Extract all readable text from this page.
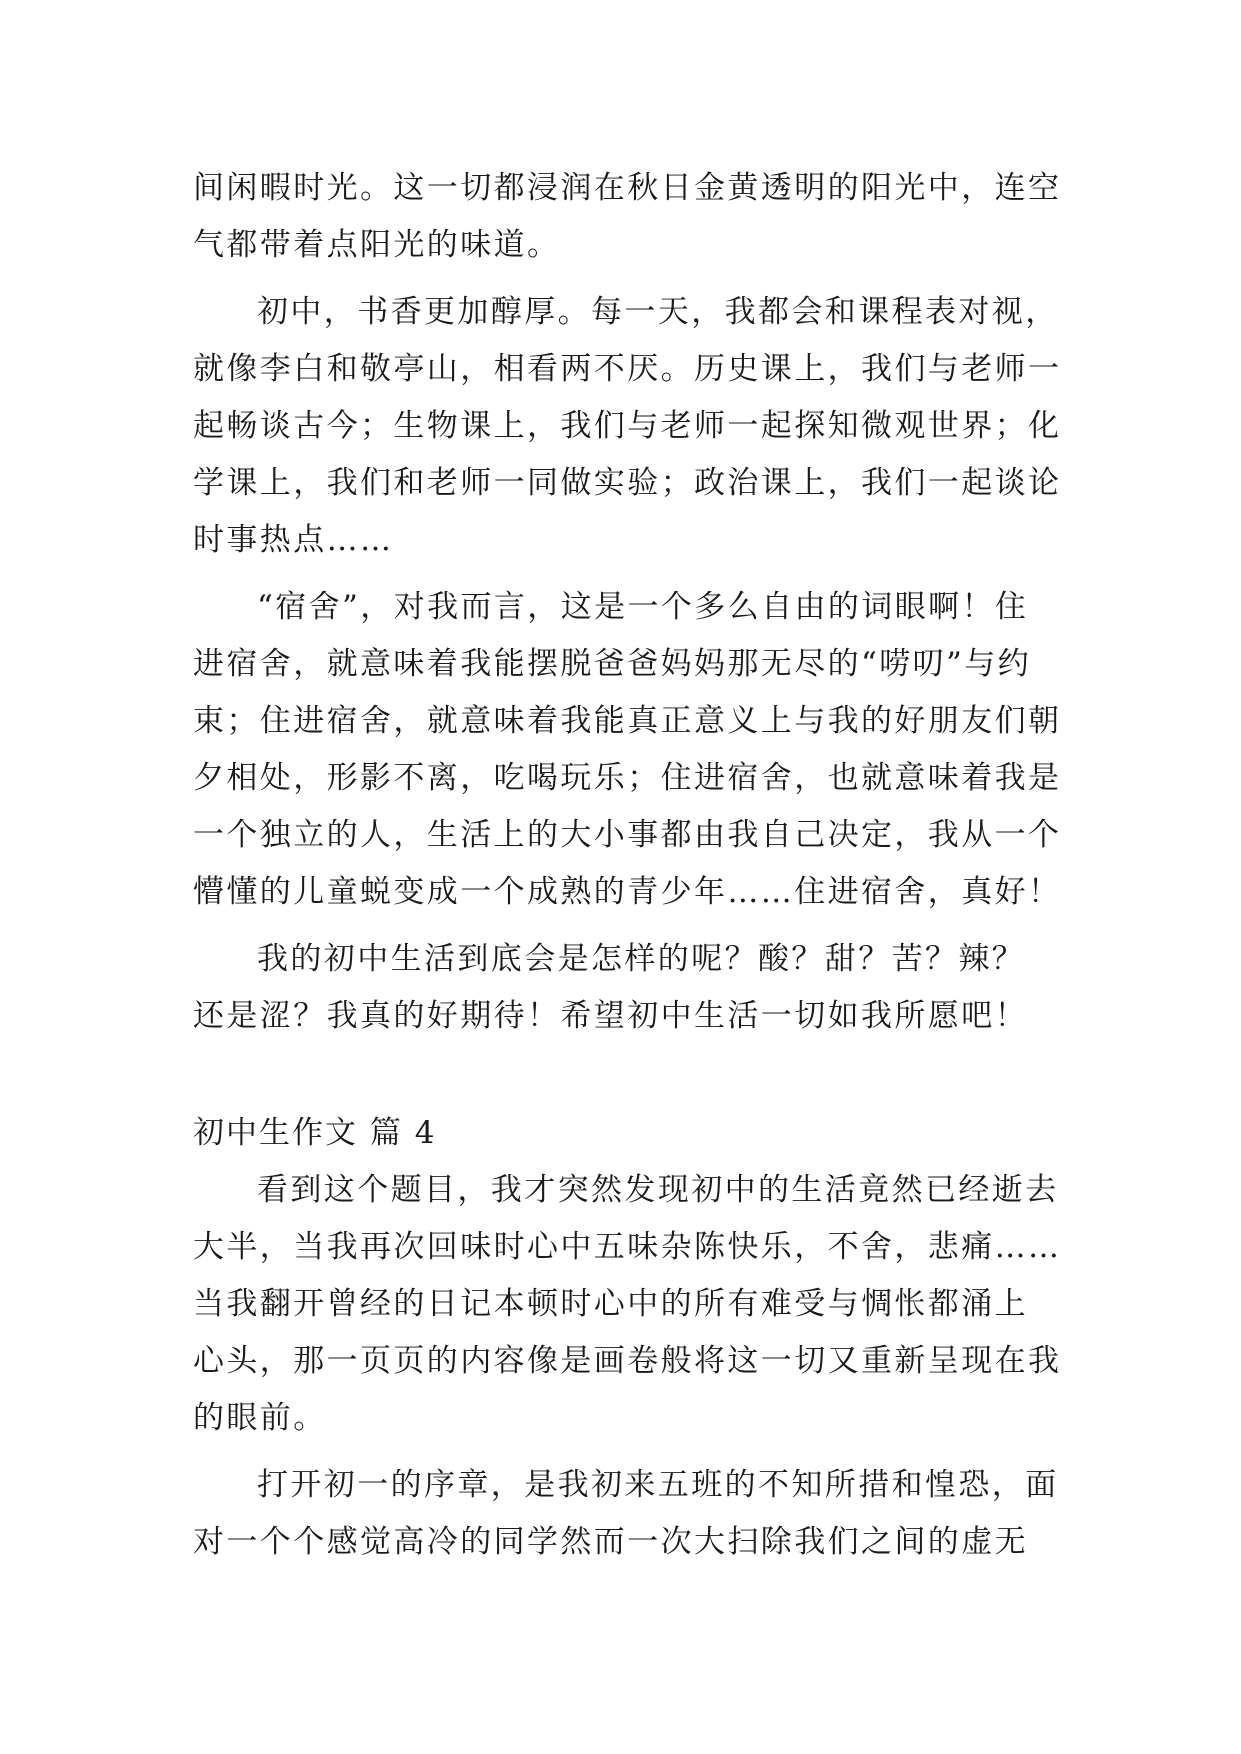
间闲暇时光。这一切都浸润在秋日金黄透明的阳光中，连空
气都带着点阳光的味道。
初中，书香更加醇厚。每一天，我都会和课程表对视，
就像李白和敬亭山，相看两不厌。历史课上，我们与老师一
起畅谈古今；生物课上，我们与老师一起探知微观世界；化
学课上，我们和老师一同做实验；政治课上，我们一起谈论
时事热点……
“宿舍”，对我而言，这是一个多么自由的词眼啊！住
进宿舍，就意味着我能摆脱爸爸妈妈那无尽的“唠叨”与约
束；住进宿舍，就意味着我能真正意义上与我的好朋友们朝
夕相处，形影不离，吃喝玩乐；住进宿舍，也就意味着我是
一个独立的人，生活上的大小事都由我自己决定，我从一个
懵懂的儿童蜕变成一个成熟的青少年……住进宿舍，真好！
我的初中生活到底会是怎样的呢？酸？甜？苦？辣？
还是涩？我真的好期待！希望初中生活一切如我所愿吧！
初中生作文 篇 4
看到这个题目，我才突然发现初中的生活竟然已经逝去
大半，当我再次回味时心中五味杂陈快乐，不舍，悲痛……
当我翻开曾经的日记本顿时心中的所有难受与惆怅都涌上
心头，那一页页的内容像是画卷般将这一切又重新呈现在我
的眼前。
打开初一的序章，是我初来五班的不知所措和惶恐，面
对一个个感觉高冷的同学然而一次大扫除我们之间的虚无
